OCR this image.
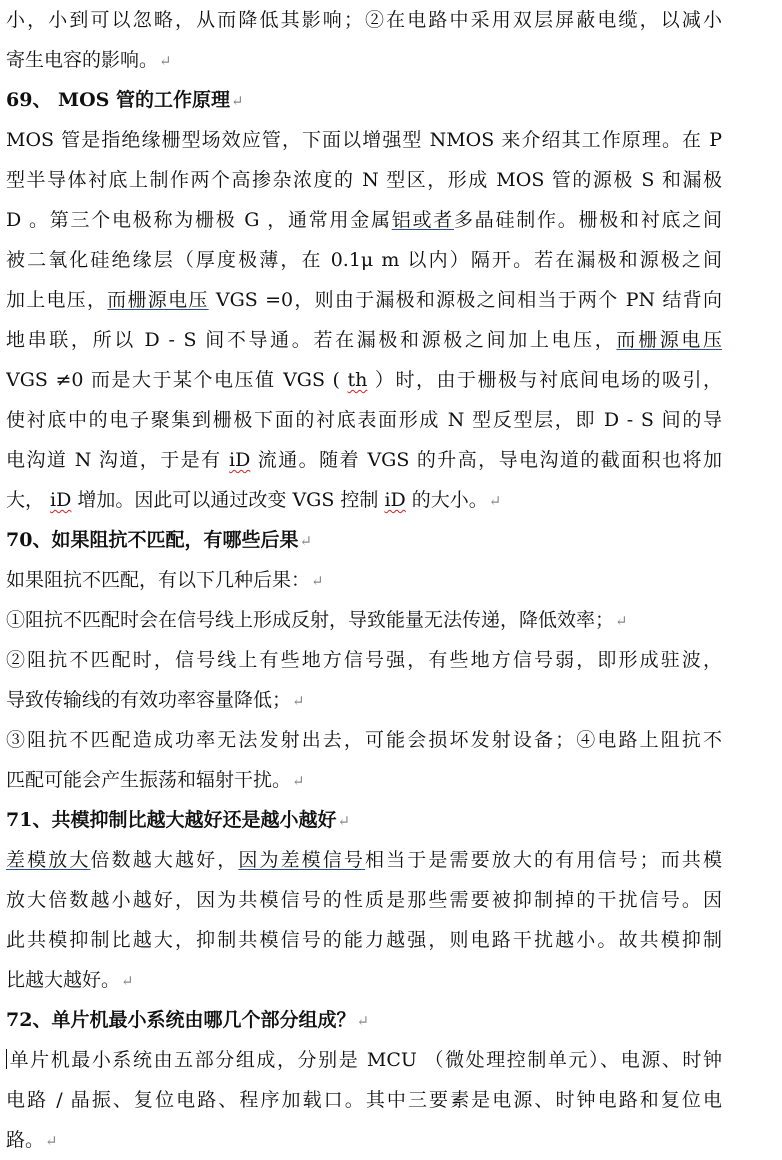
小，小到可以忽略，从而降低其影响；②在电路中采用双层屏蔽电缆，以减小
寄生电容的影响。↵
69、 MOS 管的工作原理↵
MOS 管是指绝缘栅型场效应管，下面以增强型 NMOS 来介绍其工作原理。在 P
型半导体衬底上制作两个高掺杂浓度的 N 型区，形成 MOS 管的源极 S 和漏极
D 。第三个电极称为栅极 G ，通常用金属铝或者多晶硅制作。栅极和衬底之间
被二氧化硅绝缘层（厚度极薄，在 0.1μ m 以内）隔开。若在漏极和源极之间
加上电压，而栅源电压 VGS =0，则由于漏极和源极之间相当于两个 PN 结背向
地串联，所以 D - S 间不导通。若在漏极和源极之间加上电压，而栅源电压
VGS ≠0 而是大于某个电压值 VGS ( th ）时，由于栅极与衬底间电场的吸引，
使衬底中的电子聚集到栅极下面的衬底表面形成 N 型反型层，即 D - S 间的导
电沟道 N 沟道，于是有 iD 流通。随着 VGS 的升高，导电沟道的截面积也将加
大， iD 增加。因此可以通过改变 VGS 控制 iD 的大小。↵
70、如果阻抗不匹配，有哪些后果↵
如果阻抗不匹配，有以下几种后果：↵
①阻抗不匹配时会在信号线上形成反射，导致能量无法传递，降低效率；↵
②阻抗不匹配时，信号线上有些地方信号强，有些地方信号弱，即形成驻波，
导致传输线的有效功率容量降低；↵
③阻抗不匹配造成功率无法发射出去，可能会损坏发射设备；④电路上阻抗不
匹配可能会产生振荡和辐射干扰。↵
71、共模抑制比越大越好还是越小越好↵
差模放大倍数越大越好，因为差模信号相当于是需要放大的有用信号；而共模
放大倍数越小越好，因为共模信号的性质是那些需要被抑制掉的干扰信号。因
此共模抑制比越大，抑制共模信号的能力越强，则电路干扰越小。故共模抑制
比越大越好。↵
72、单片机最小系统由哪几个部分组成？↵
单片机最小系统由五部分组成，分别是 MCU （微处理控制单元）、电源、时钟
电路 / 晶振、复位电路、程序加载口。其中三要素是电源、时钟电路和复位电
路。↵
